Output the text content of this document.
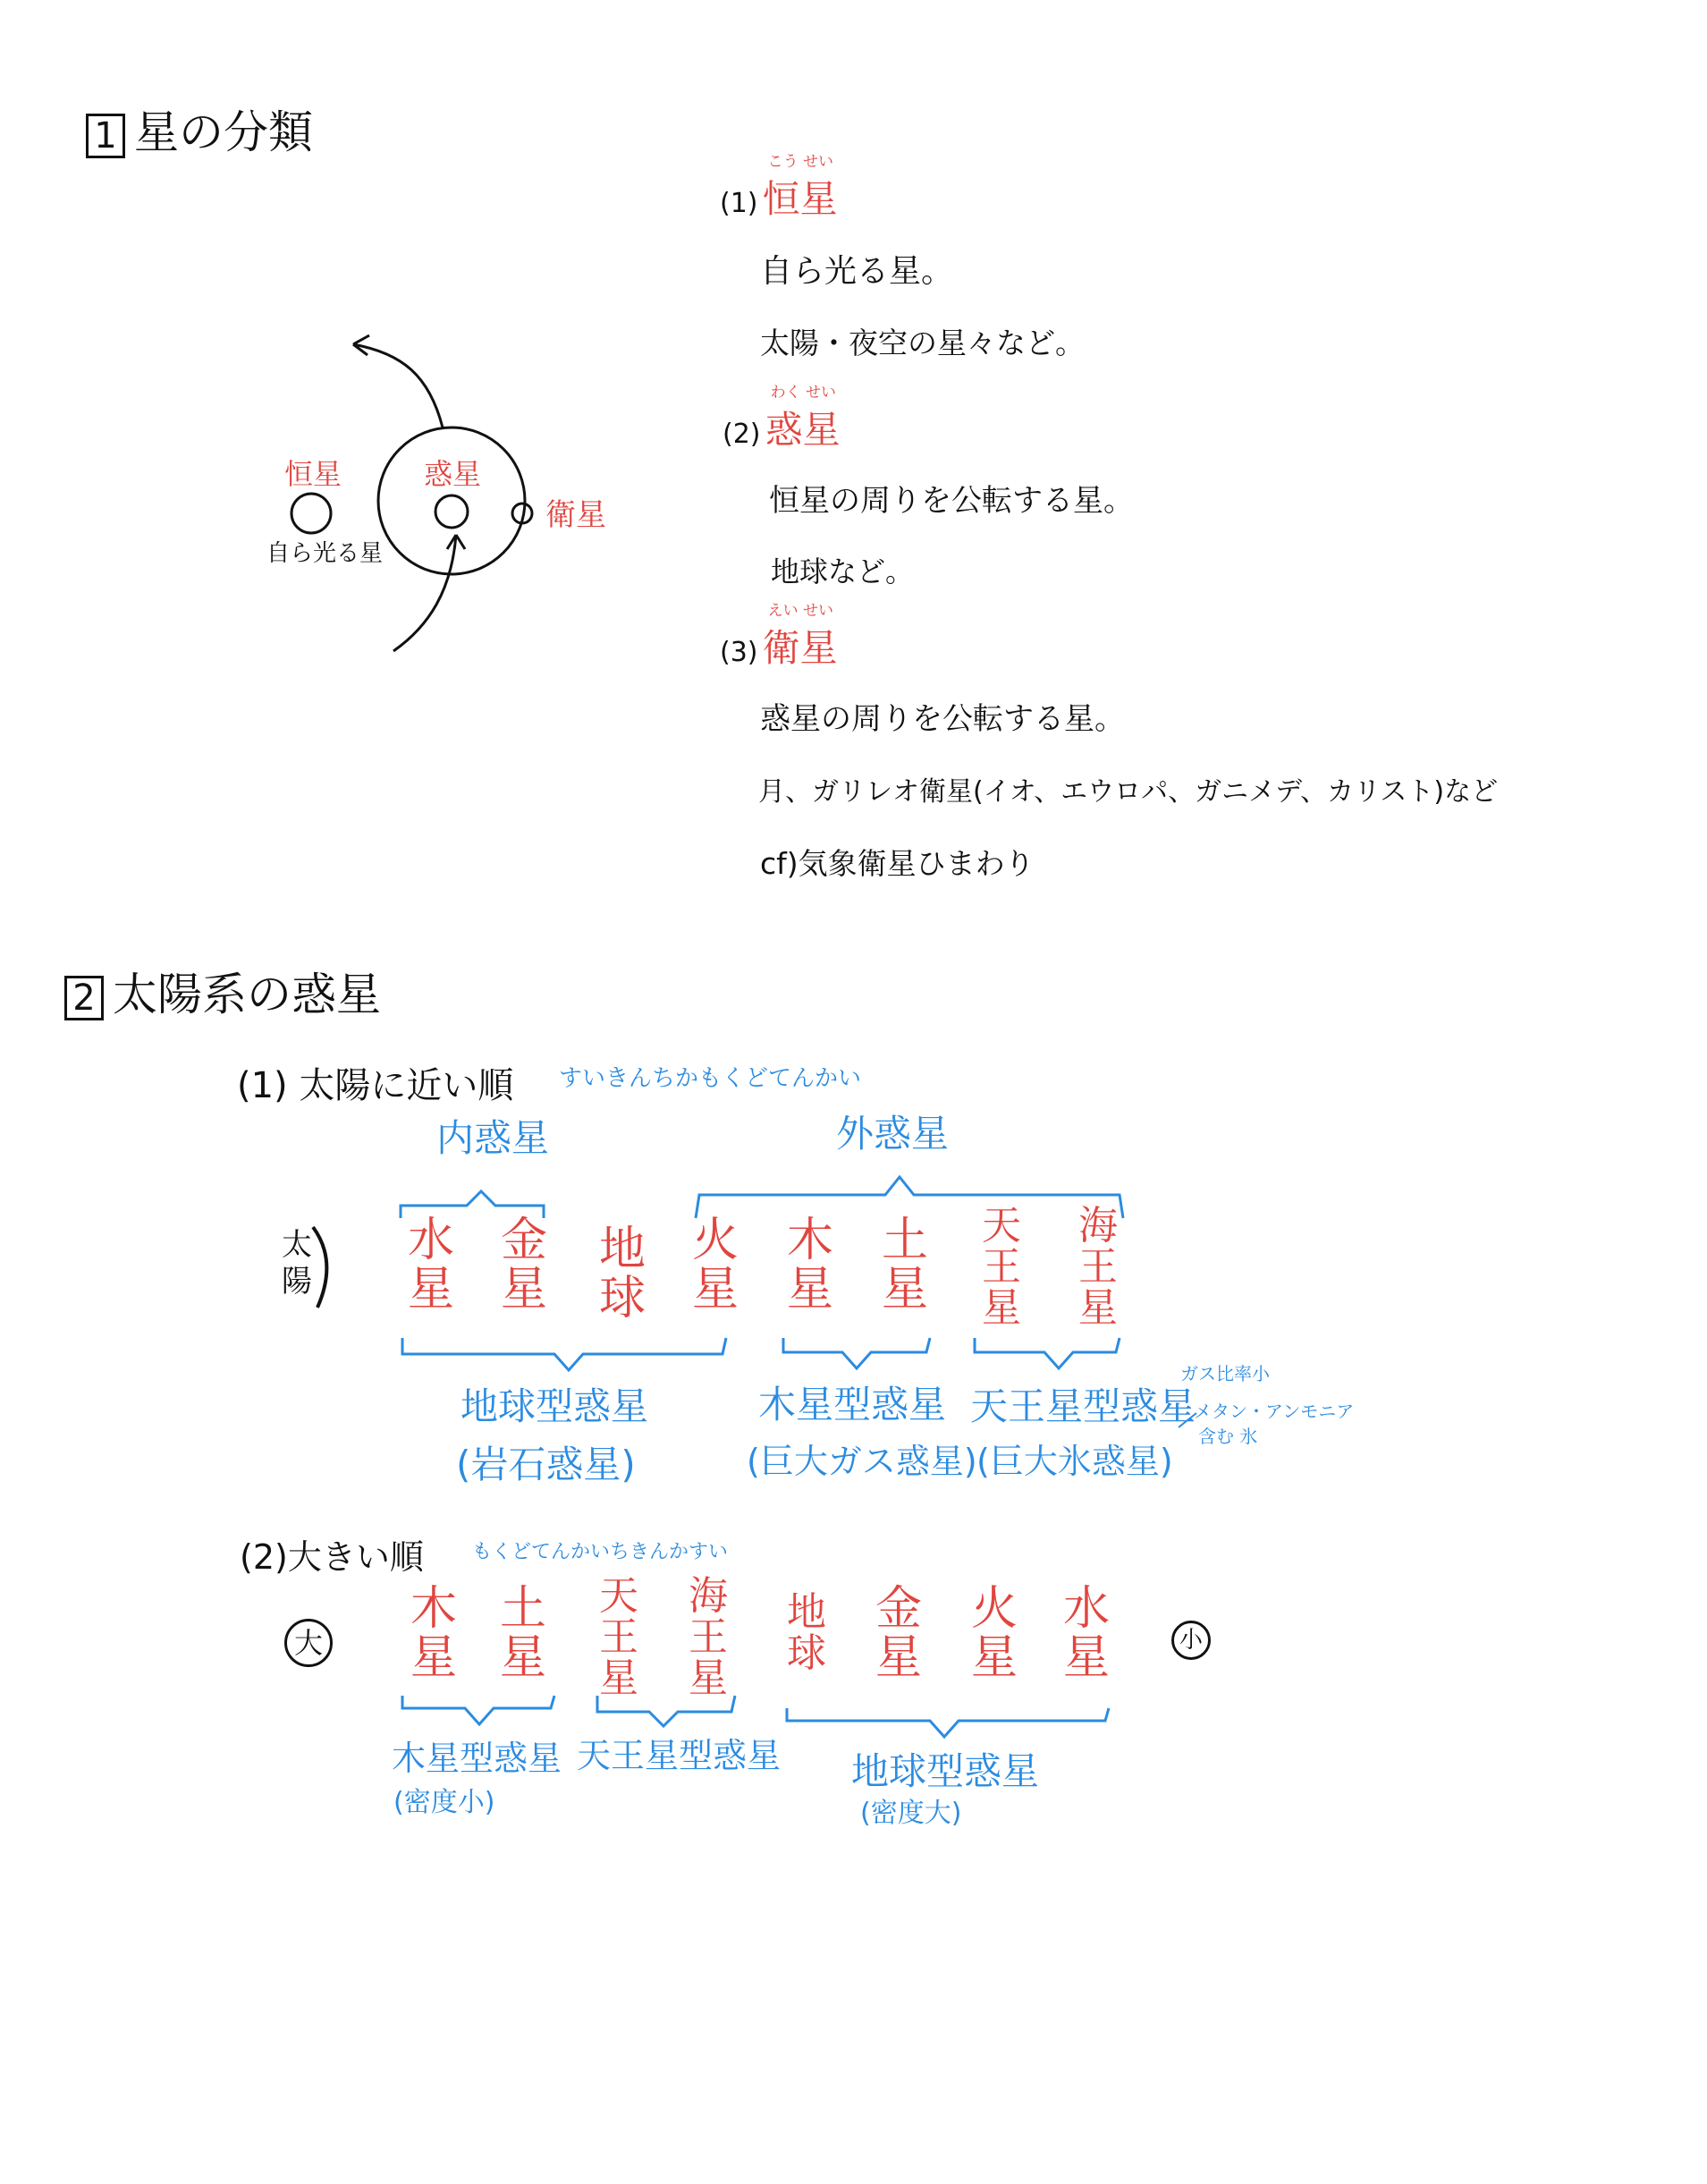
1 星の分類
恒星
自ら光る星
惑星
衛星
(1)
こう せい
恒星
自ら光る星。
太陽・夜空の星々など。
(2)
わく せい
惑星
恒星の周りを公転する星。
地球など。
(3)
えい せい
衛星
惑星の周りを公転する星。
月、ガリレオ衛星(イオ、エウロパ、ガニメデ、カリスト)など
cf)気象衛星ひまわり
2 太陽系の惑星
(1) 太陽に近い順 すいきんちかもくどてんかい
内惑星	外惑星
太陽
水
星
金
星
地
球
火
星
木
星
土
星
天
王
星
海
王
星
地球型惑星
(岩石惑星)
木星型惑星
(巨大ガス惑星)
天王星型惑星
(巨大氷惑星)
ガス比率小
メタン・アンモニア
含む 氷
(2)大きい順 もくどてんかいちきんかすい
大	小
木
星
土
星
天
王
星
海
王
星
地
球
金
星
火
星
水
星
木星型惑星
(密度小)
天王星型惑星 地球型惑星
(密度大)
